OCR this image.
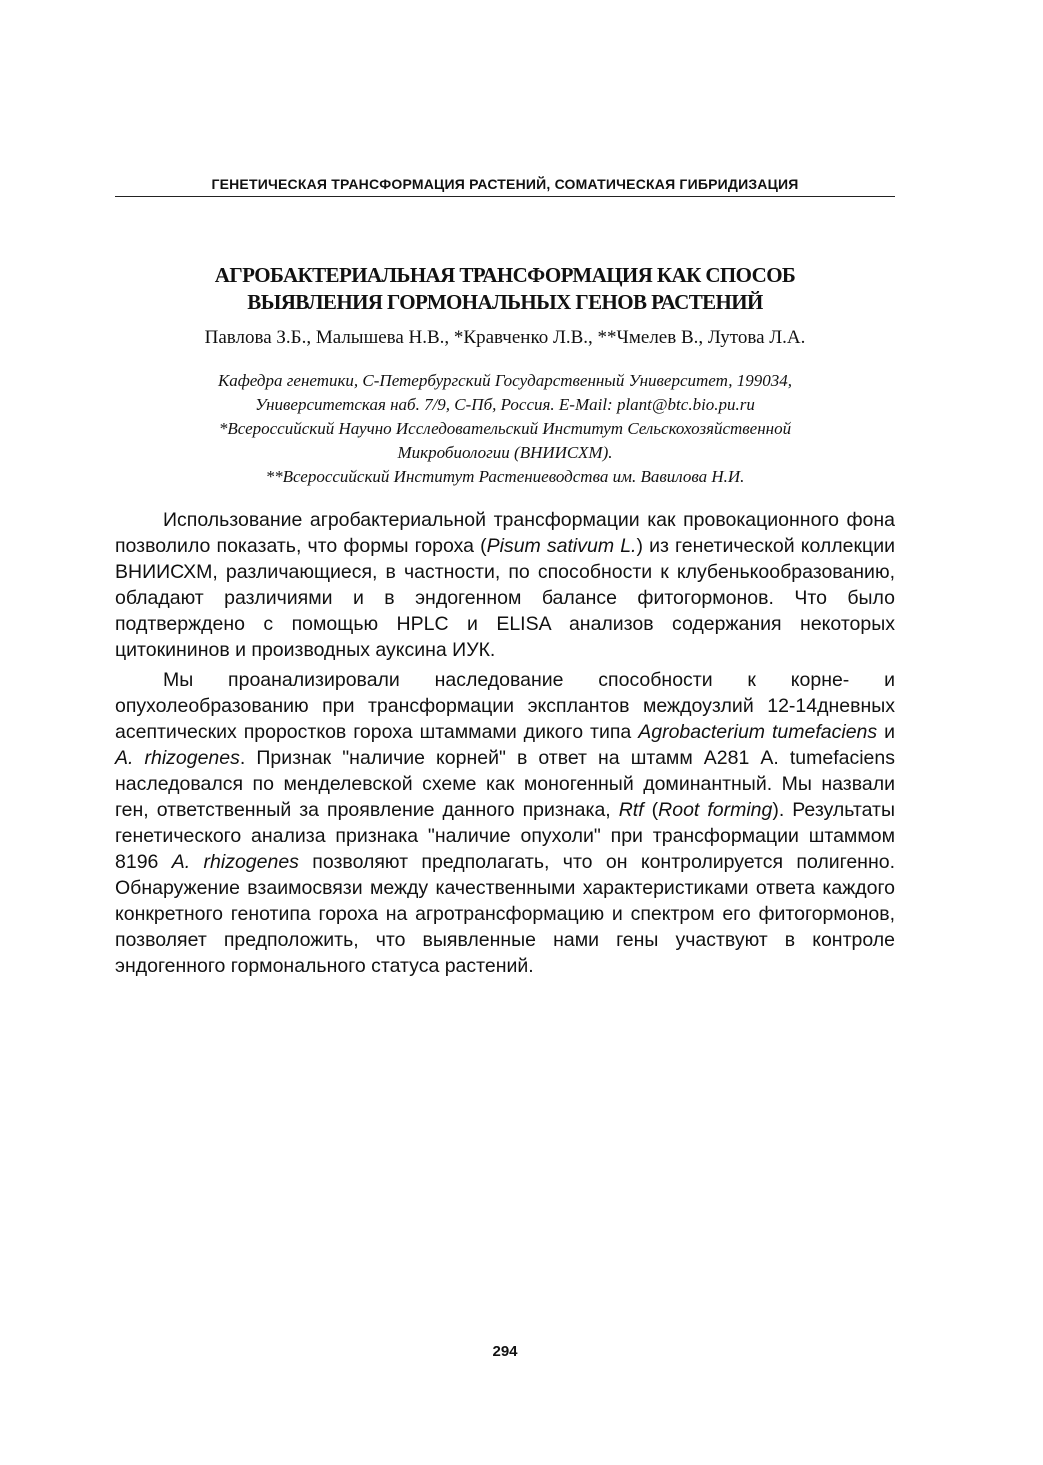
ГЕНЕТИЧЕСКАЯ ТРАНСФОРМАЦИЯ РАСТЕНИЙ, СОМАТИЧЕСКАЯ ГИБРИДИЗАЦИЯ
АГРОБАКТЕРИАЛЬНАЯ ТРАНСФОРМАЦИЯ КАК СПОСОБ
ВЫЯВЛЕНИЯ ГОРМОНАЛЬНЫХ ГЕНОВ РАСТЕНИЙ
Павлова З.Б., Малышева Н.В., *Кравченко Л.В., **Чмелев В., Лутова Л.А.
Кафедра генетики, С-Петербургский Государственный Университет, 199034,
Университетская наб. 7/9, С-Пб, Россия. E-Mail: plant@btc.bio.pu.ru
*Всероссийский Научно Исследовательский Институт Сельскохозяйственной
Микробиологии (ВНИИСХМ).
**Всероссийский Институт Растениеводства им. Вавилова Н.И.

Использование агробактериальной трансформации как провокационного фона позволило показать, что формы гороха (Pisum sativum L.) из генетической коллекции ВНИИСХМ, различающиеся, в частности, по способности к клубенькообразованию, обладают различиями и в эндогенном балансе фитогормонов. Что было подтверждено с помощью HPLC и ELISA анализов содержания некоторых цитокининов и производных ауксина ИУК.

Мы проанализировали наследование способности к корне- и опухолеобразованию при трансформации эксплантов междоузлий 12-14дневных асептических проростков гороха штаммами дикого типа Agrobacterium tumefaciens и A. rhizogenes. Признак "наличие корней" в ответ на штамм А281 A. tumefaciens наследовался по менделевской схеме как моногенный доминантный. Мы назвали ген, ответственный за проявление данного признака, Rtf (Root forming). Результаты генетического анализа признака "наличие опухоли" при трансформации штаммом 8196 A. rhizogenes позволяют предполагать, что он контролируется полигенно. Обнаружение взаимосвязи между качественными характеристиками ответа каждого конкретного генотипа гороха на агротрансформацию и спектром его фитогормонов, позволяет предположить, что выявленные нами гены участвуют в контроле эндогенного гормонального статуса растений.

294
